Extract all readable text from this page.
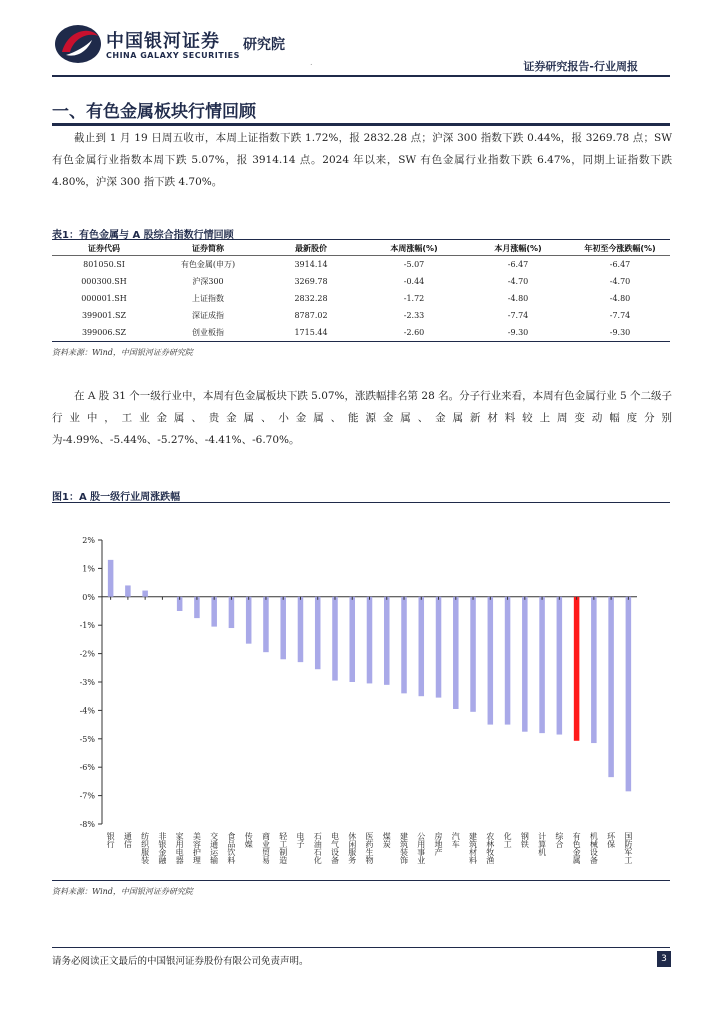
中国银河证券
CHINA GALAXY SECURITIES
研究院
.	证券研究报告-行业周报
一、有色金属板块行情回顾
截止到 1 月 19 日周五收市，本周上证指数下跌 1.72%，报 2832.28 点；沪深 300 指数下跌 0.44%，报 3269.78 点；SW 有色金属行业指数本周下跌 5.07%，报 3914.14 点。2024 年以来，SW 有色金属行业指数下跌 6.47%，同期上证指数下跌 4.80%，沪深 300 指下跌 4.70%。
表1：有色金属与 A 股综合指数行情回顾
证券代码	证券简称	最新股价	本周涨幅(%)	本月涨幅(%)	年初至今涨跌幅(%)
801050.SI	有色金属(申万)	3914.14	-5.07	-6.47	-6.47
000300.SH	沪深300	3269.78	-0.44	-4.70	-4.70
000001.SH	上证指数	2832.28	-1.72	-4.80	-4.80
399001.SZ	深证成指	8787.02	-2.33	-7.74	-7.74
399006.SZ	创业板指	1715.44	-2.60	-9.30	-9.30
资料来源：Wind，中国银河证券研究院
在 A 股 31 个一级行业中，本周有色金属板块下跌 5.07%，涨跌幅排名第 28 名。分子行业来看，本周有色金属行业 5 个二级子行业中，工业金属、贵金属、小金属、能源金属、金属新材料较上周变动幅度分别为-4.99%、-5.44%、-5.27%、-4.41%、-6.70%。
图1：A 股一级行业周涨跌幅
2%
1%
0%
-1%
-2%
-3%
-4%
-5%
-6%
-7%
-8%
银行 通信 纺织服装 非银金融 家用电器 美容护理 交通运输 食品饮料 传媒 商业贸易 轻工制造 电子 石油石化 电气设备 休闲服务 医药生物 煤炭 建筑装饰 公用事业 房地产 汽车 建筑材料 农林牧渔 化工 钢铁 计算机 综合 有色金属 机械设备 环保 国防军工
资料来源：Wind，中国银河证券研究院
请务必阅读正文最后的中国银河证券股份有限公司免责声明。	3
